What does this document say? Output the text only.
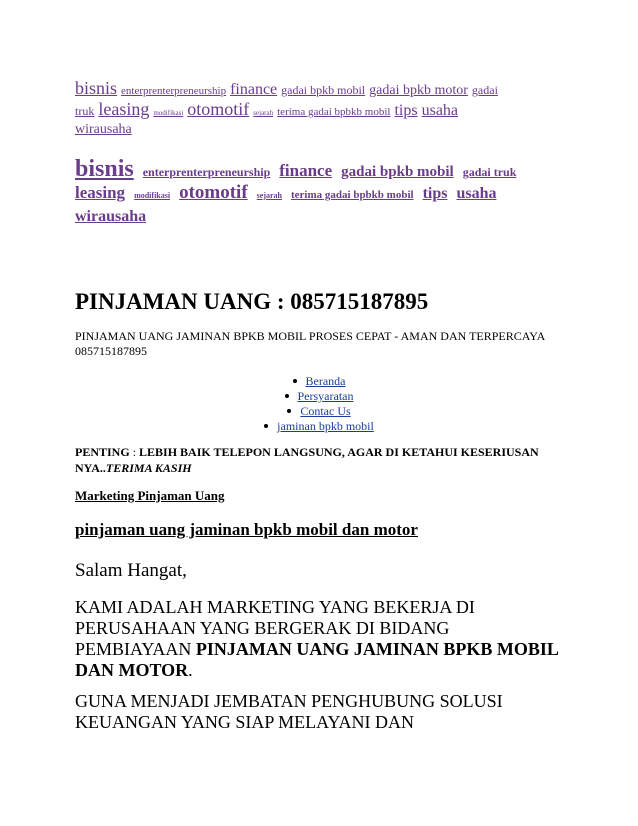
bisnis enterprenterpreneurship finance gadai bpkb mobil gadai bpkb motor gadai
truk leasing modifikasi otomotif sejarah terima gadai bpbkb mobil tips usaha
wirausaha
bisnis enterprenterpreneurship finance gadai bpkb mobil gadai truk
leasing modifikasi otomotif sejarah terima gadai bpbkb mobil tips usaha
wirausaha
PINJAMAN UANG : 085715187895

PINJAMAN UANG JAMINAN BPKB MOBIL PROSES CEPAT - AMAN DAN TERPERCAYA 085715187895

Beranda
Persyaratan
Contac Us
jaminan bpkb mobil

PENTING : LEBIH BAIK TELEPON LANGSUNG, AGAR DI KETAHUI KESERIUSAN NYA..TERIMA KASIH

Marketing Pinjaman Uang

pinjaman uang jaminan bpkb mobil dan motor

Salam Hangat,

KAMI ADALAH MARKETING YANG BEKERJA DI PERUSAHAAN YANG BERGERAK DI BIDANG PEMBIAYAAN PINJAMAN UANG JAMINAN BPKB MOBIL DAN MOTOR.

GUNA MENJADI JEMBATAN PENGHUBUNG SOLUSI KEUANGAN YANG SIAP MELAYANI DAN
